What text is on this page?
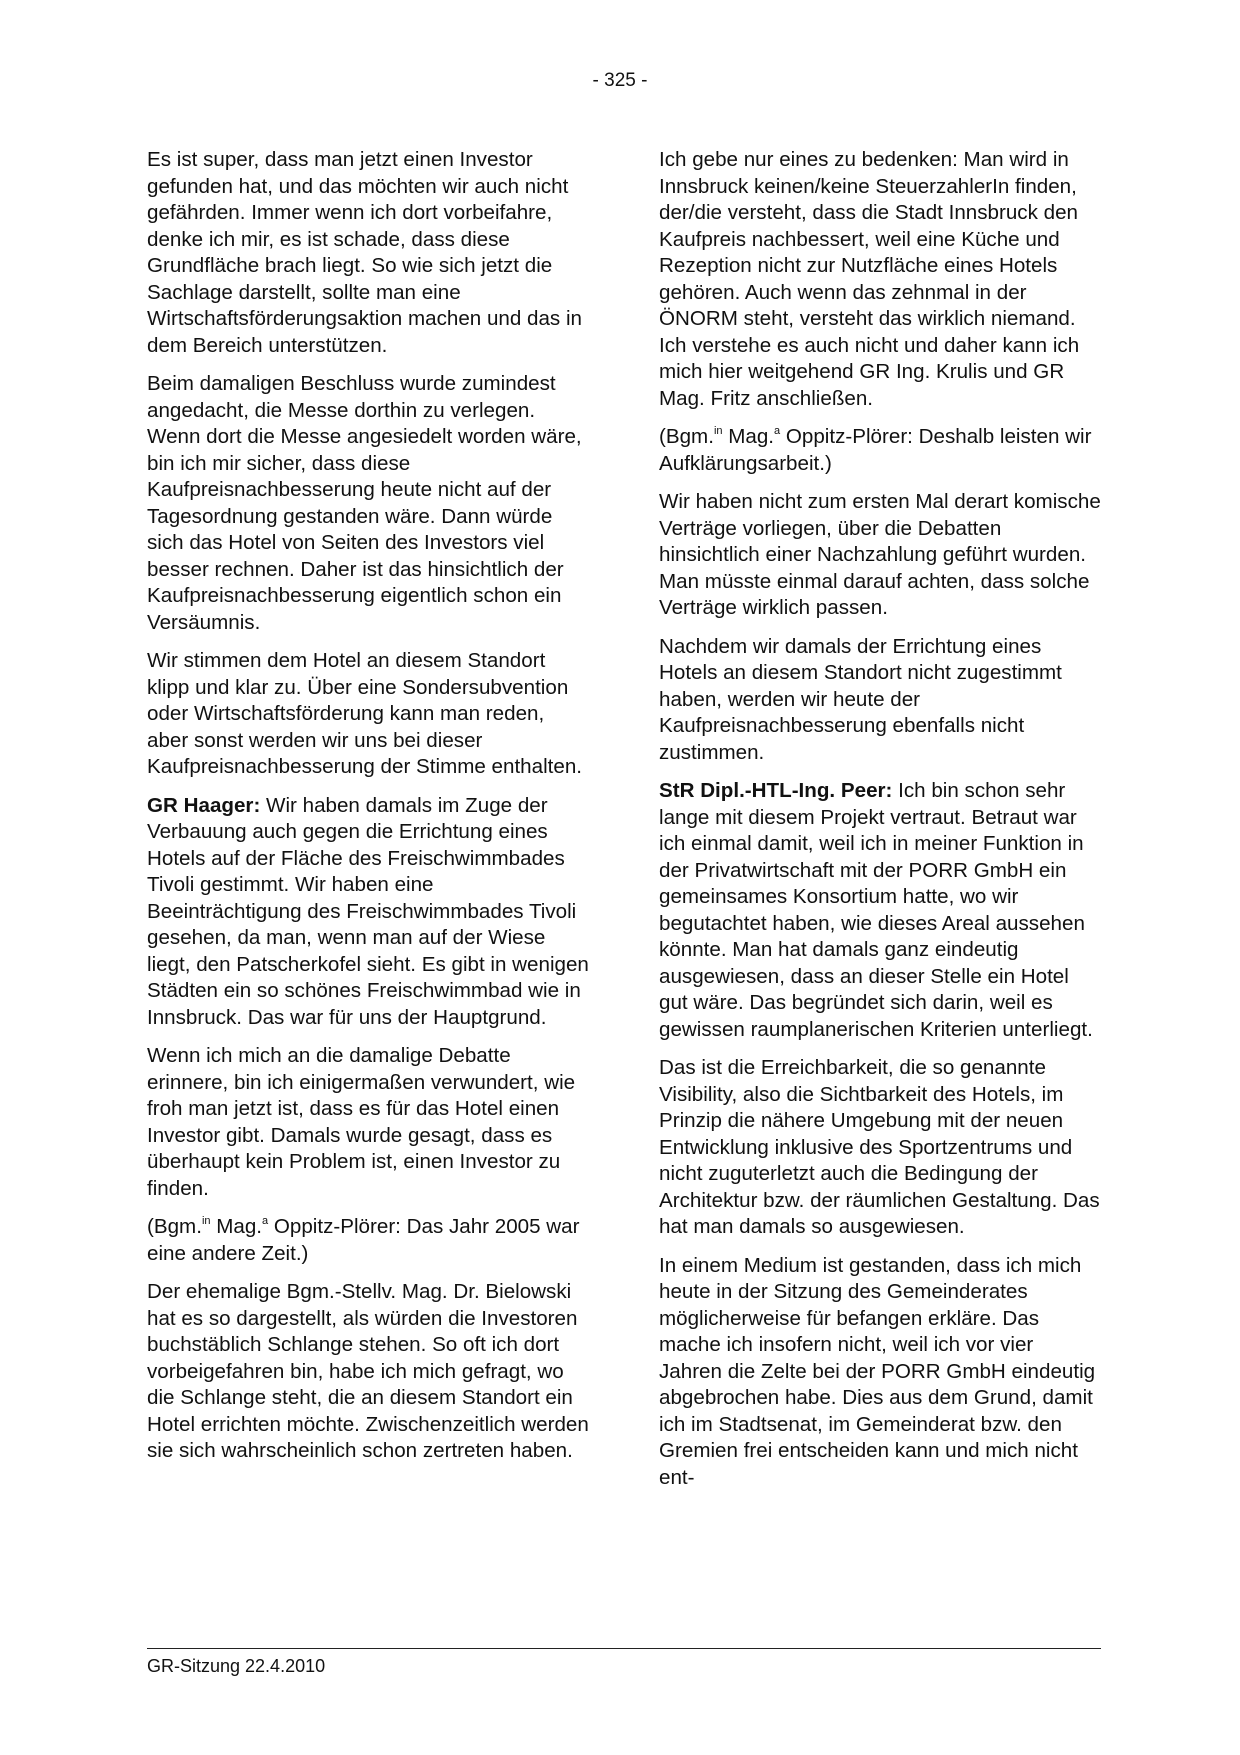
- 325 -

Es ist super, dass man jetzt einen Investor gefunden hat, und das möchten wir auch nicht gefährden. Immer wenn ich dort vorbeifahre, denke ich mir, es ist schade, dass diese Grundfläche brach liegt. So wie sich jetzt die Sachlage darstellt, sollte man eine Wirtschaftsförderungsaktion machen und das in dem Bereich unterstützen.

Beim damaligen Beschluss wurde zumindest angedacht, die Messe dorthin zu verlegen. Wenn dort die Messe angesiedelt worden wäre, bin ich mir sicher, dass diese Kaufpreisnachbesserung heute nicht auf der Tagesordnung gestanden wäre. Dann würde sich das Hotel von Seiten des Investors viel besser rechnen. Daher ist das hinsichtlich der Kaufpreisnachbesserung eigentlich schon ein Versäumnis.

Wir stimmen dem Hotel an diesem Standort klipp und klar zu. Über eine Sondersubvention oder Wirtschaftsförderung kann man reden, aber sonst werden wir uns bei dieser Kaufpreisnachbesserung der Stimme enthalten.

GR Haager: Wir haben damals im Zuge der Verbauung auch gegen die Errichtung eines Hotels auf der Fläche des Freischwimmbades Tivoli gestimmt. Wir haben eine Beeinträchtigung des Freischwimmbades Tivoli gesehen, da man, wenn man auf der Wiese liegt, den Patscherkofel sieht. Es gibt in wenigen Städten ein so schönes Freischwimmbad wie in Innsbruck. Das war für uns der Hauptgrund.

Wenn ich mich an die damalige Debatte erinnere, bin ich einigermaßen verwundert, wie froh man jetzt ist, dass es für das Hotel einen Investor gibt. Damals wurde gesagt, dass es überhaupt kein Problem ist, einen Investor zu finden.

(Bgm.$^{in}$ Mag.$^a$ Oppitz-Plörer: Das Jahr 2005 war eine andere Zeit.)

Der ehemalige Bgm.-Stellv. Mag. Dr. Bielowski hat es so dargestellt, als würden die Investoren buchstäblich Schlange stehen. So oft ich dort vorbeigefahren bin, habe ich mich gefragt, wo die Schlange steht, die an diesem Standort ein Hotel errichten möchte. Zwischenzeitlich werden sie sich wahrscheinlich schon zertreten haben.

Ich gebe nur eines zu bedenken: Man wird in Innsbruck keinen/keine SteuerzahlerIn finden, der/die versteht, dass die Stadt Innsbruck den Kaufpreis nachbessert, weil eine Küche und Rezeption nicht zur Nutzfläche eines Hotels gehören. Auch wenn das zehnmal in der ÖNORM steht, versteht das wirklich niemand. Ich verstehe es auch nicht und daher kann ich mich hier weitgehend GR Ing. Krulis und GR Mag. Fritz anschließen.

(Bgm.$^{in}$ Mag.$^a$ Oppitz-Plörer: Deshalb leisten wir Aufklärungsarbeit.)

Wir haben nicht zum ersten Mal derart komische Verträge vorliegen, über die Debatten hinsichtlich einer Nachzahlung geführt wurden. Man müsste einmal darauf achten, dass solche Verträge wirklich passen.

Nachdem wir damals der Errichtung eines Hotels an diesem Standort nicht zugestimmt haben, werden wir heute der Kaufpreisnachbesserung ebenfalls nicht zustimmen.

StR Dipl.-HTL-Ing. Peer: Ich bin schon sehr lange mit diesem Projekt vertraut. Betraut war ich einmal damit, weil ich in meiner Funktion in der Privatwirtschaft mit der PORR GmbH ein gemeinsames Konsortium hatte, wo wir begutachtet haben, wie dieses Areal aussehen könnte. Man hat damals ganz eindeutig ausgewiesen, dass an dieser Stelle ein Hotel gut wäre. Das begründet sich darin, weil es gewissen raumplanerischen Kriterien unterliegt.

Das ist die Erreichbarkeit, die so genannte Visibility, also die Sichtbarkeit des Hotels, im Prinzip die nähere Umgebung mit der neuen Entwicklung inklusive des Sportzentrums und nicht zuguterletzt auch die Bedingung der Architektur bzw. der räumlichen Gestaltung. Das hat man damals so ausgewiesen.

In einem Medium ist gestanden, dass ich mich heute in der Sitzung des Gemeinderates möglicherweise für befangen erkläre. Das mache ich insofern nicht, weil ich vor vier Jahren die Zelte bei der PORR GmbH eindeutig abgebrochen habe. Dies aus dem Grund, damit ich im Stadtsenat, im Gemeinderat bzw. den Gremien frei entscheiden kann und mich nicht ent-

GR-Sitzung 22.4.2010
